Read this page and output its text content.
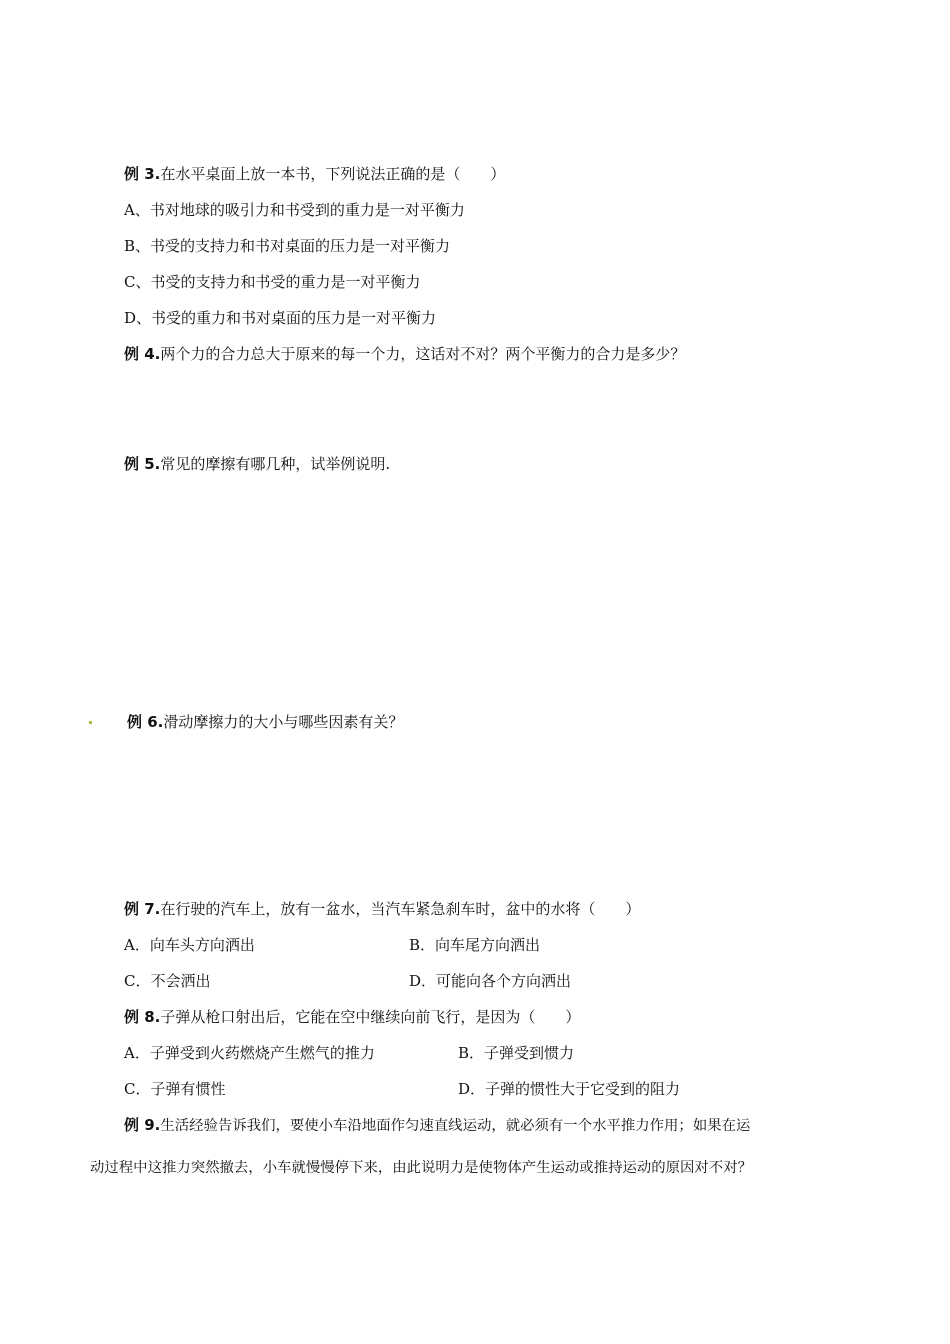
例 3.在水平桌面上放一本书，下列说法正确的是（　　）
A、书对地球的吸引力和书受到的重力是一对平衡力
B、书受的支持力和书对桌面的压力是一对平衡力
C、书受的支持力和书受的重力是一对平衡力
D、书受的重力和书对桌面的压力是一对平衡力
例 4.两个力的合力总大于原来的每一个力，这话对不对？两个平衡力的合力是多少？
例 5.常见的摩擦有哪几种，试举例说明.
例 6.滑动摩擦力的大小与哪些因素有关？
例 7.在行驶的汽车上，放有一盆水，当汽车紧急刹车时，盆中的水将（　　）
A．向车头方向洒出	B．向车尾方向洒出
C．不会洒出	D．可能向各个方向洒出
例 8.子弹从枪口射出后，它能在空中继续向前飞行，是因为（　　）
A．子弹受到火药燃烧产生燃气的推力	B．子弹受到惯力
C．子弹有惯性	D．子弹的惯性大于它受到的阻力
例 9.生活经验告诉我们，要使小车沿地面作匀速直线运动，就必须有一个水平推力作用；如果在运
动过程中这推力突然撤去，小车就慢慢停下来，由此说明力是使物体产生运动或推持运动的原因对不对？
